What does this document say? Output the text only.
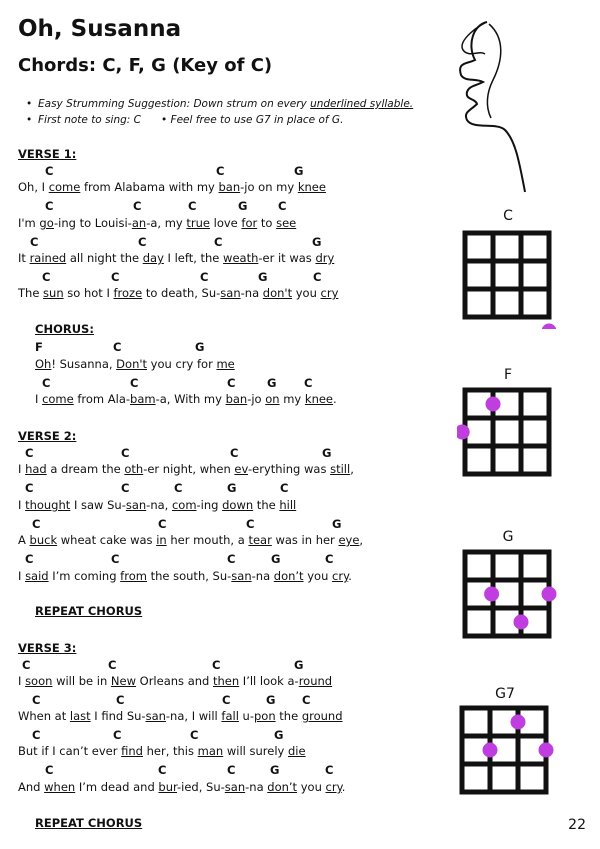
Oh, Susanna
Chords: C, F, G (Key of C)
• Easy Strumming Suggestion: Down strum on every underlined syllable.
• First note to sing: C • Feel free to use G7 in place of G.
VERSE 1:
CHORUS:
VERSE 2:
REPEAT CHORUS
VERSE 3:
REPEAT CHORUS
C	C	G
Oh, I come from Alabama with my ban-jo on my knee
C	C	C	G	C
I'm go-ing to Louisi-an-a, my true love for to see
C	C	C	G
It rained all night the day I left, the weath-er it was dry
C	C	C	G	C
The sun so hot I froze to death, Su-san-na don't you cry
F	C	G
Oh! Susanna, Don't you cry for me
C	C	C	G C
I come from Ala-bam-a, With my ban-jo on my knee.
C	C	C	G
I had a dream the oth-er night, when ev-erything was still,
C	C	C	G	C
I thought I saw Su-san-na, com-ing down the hill
C	C	C	G
A buck wheat cake was in her mouth, a tear was in her eye,
C	C	C	G	C
I said I’m coming from the south, Su-san-na don’t you cry.
C	C	C	G
I soon will be in New Orleans and then I’ll look a-round
C	C	C	G C
When at last I find Su-san-na, I will fall u-pon the ground
C	C	C	G
But if I can’t ever find her, this man will surely die
C	C	C	G	C
And when I’m dead and bur-ied, Su-san-na don’t you cry.
C
F
G
G7
22
